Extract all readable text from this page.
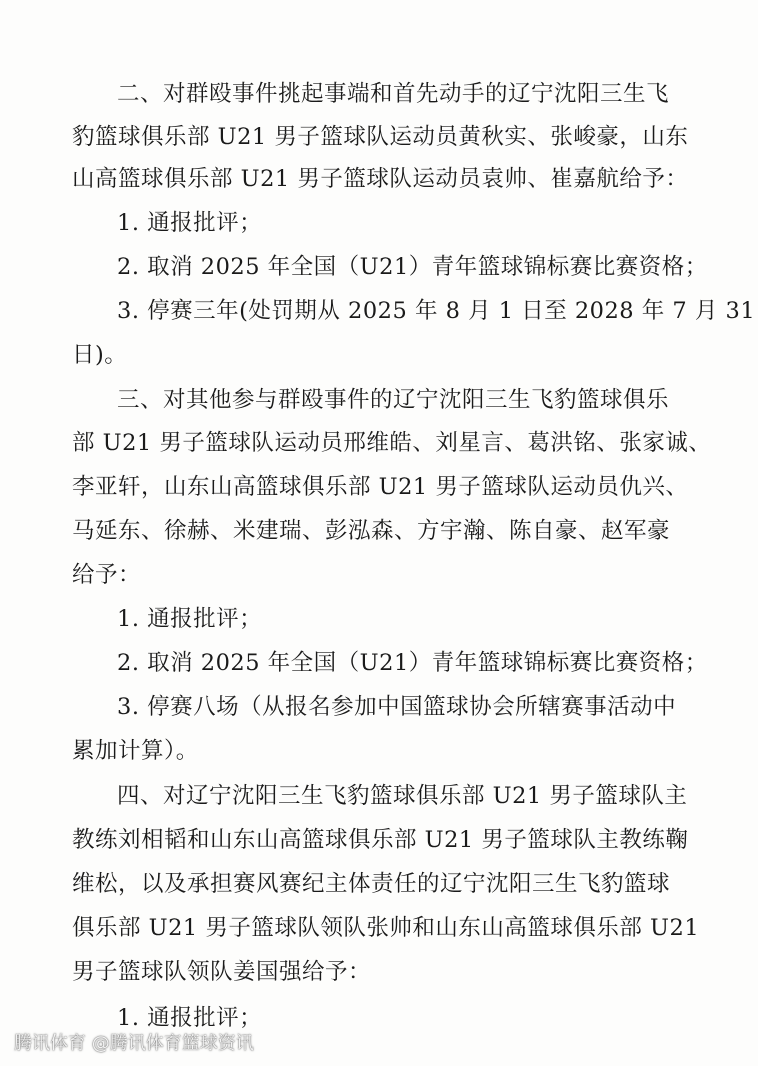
二、对群殴事件挑起事端和首先动手的辽宁沈阳三生飞
豹篮球俱乐部 U21 男子篮球队运动员黄秋实、张峻豪，山东
山高篮球俱乐部 U21 男子篮球队运动员袁帅、崔嘉航给予：
1. 通报批评；
2. 取消 2025 年全国（U21）青年篮球锦标赛比赛资格；
3. 停赛三年(处罚期从 2025 年 8 月 1 日至 2028 年 7 月 31
日)。
三、对其他参与群殴事件的辽宁沈阳三生飞豹篮球俱乐
部 U21 男子篮球队运动员邢维皓、刘星言、葛洪铭、张家诚、
李亚轩，山东山高篮球俱乐部 U21 男子篮球队运动员仇兴、
马延东、徐赫、米建瑞、彭泓森、方宇瀚、陈自豪、赵军豪
给予：
1. 通报批评；
2. 取消 2025 年全国（U21）青年篮球锦标赛比赛资格；
3. 停赛八场（从报名参加中国篮球协会所辖赛事活动中
累加计算）。
四、对辽宁沈阳三生飞豹篮球俱乐部 U21 男子篮球队主
教练刘相韬和山东山高篮球俱乐部 U21 男子篮球队主教练鞠
维松，以及承担赛风赛纪主体责任的辽宁沈阳三生飞豹篮球
俱乐部 U21 男子篮球队领队张帅和山东山高篮球俱乐部 U21
男子篮球队领队姜国强给予：
1. 通报批评；
腾讯体育 @腾讯体育篮球资讯
